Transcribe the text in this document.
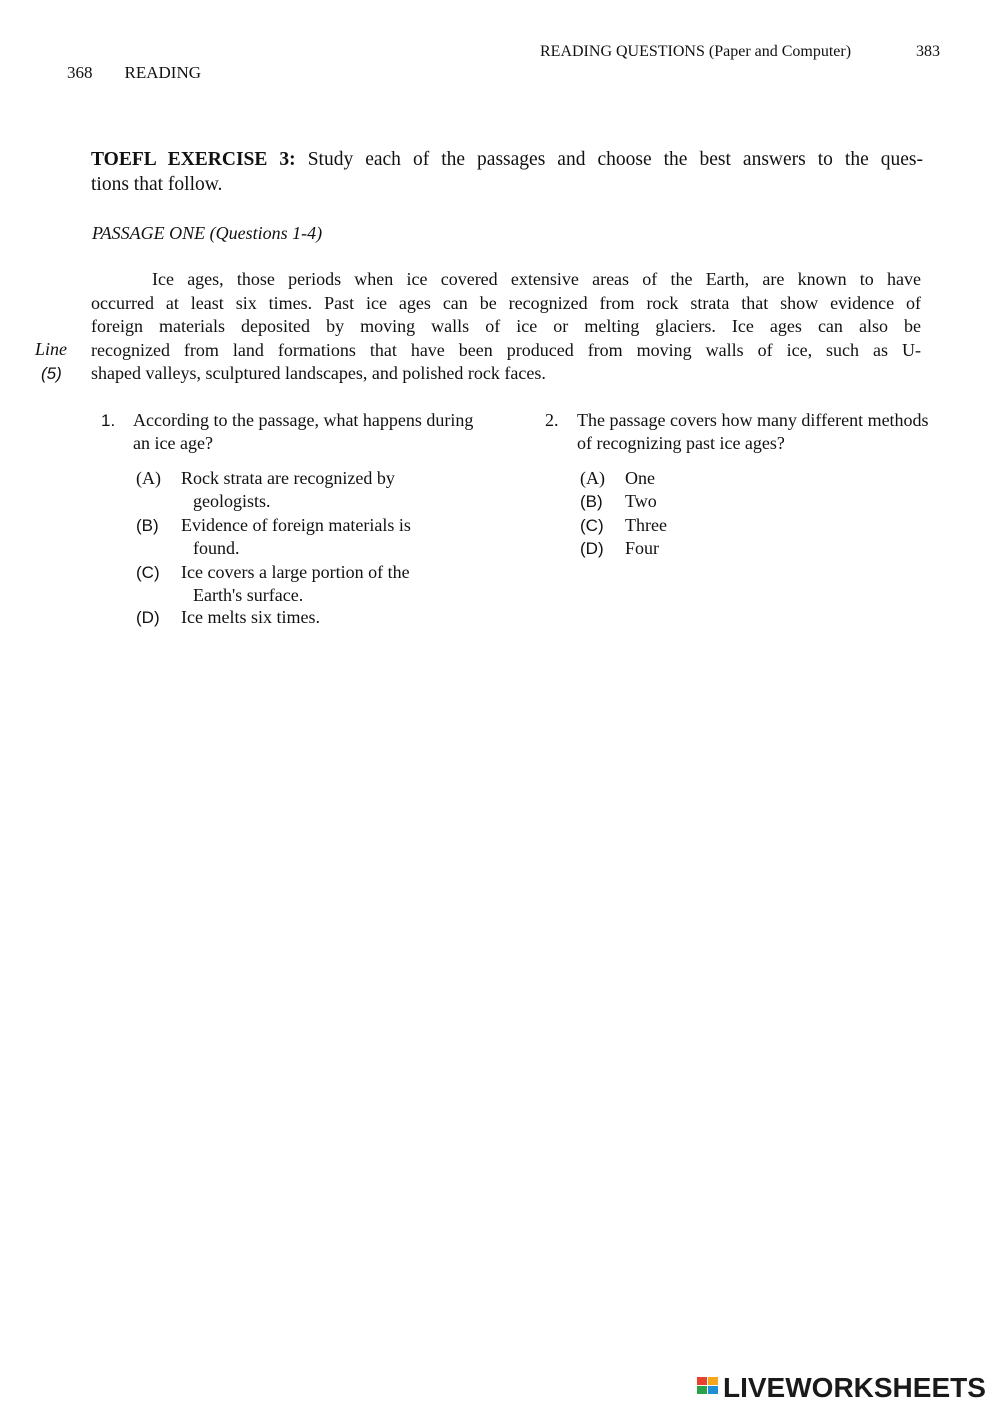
READING QUESTIONS (Paper and Computer)	383
368 READING
TOEFL EXERCISE 3: Study each of the passages and choose the best answers to the ques-
tions that follow.
PASSAGE ONE (Questions 1-4)
Ice ages, those periods when ice covered extensive areas of the Earth, are known to have
occurred at least six times. Past ice ages can be recognized from rock strata that show evidence of
foreign materials deposited by moving walls of ice or melting glaciers. Ice ages can also be
recognized from land formations that have been produced from moving walls of ice, such as U-
shaped valleys, sculptured landscapes, and polished rock faces.
Line
(5)
1. According to the passage, what happens during an ice age?
(A) Rock strata are recognized by
geologists.
(B) Evidence of foreign materials is
found.
(C) Ice covers a large portion of the
Earth's surface.
(D) Ice melts six times.
2. The passage covers how many different methods of recognizing past ice ages?
(A) One
(B) Two
(C) Three
(D) Four
LIVEWORKSHEETS
